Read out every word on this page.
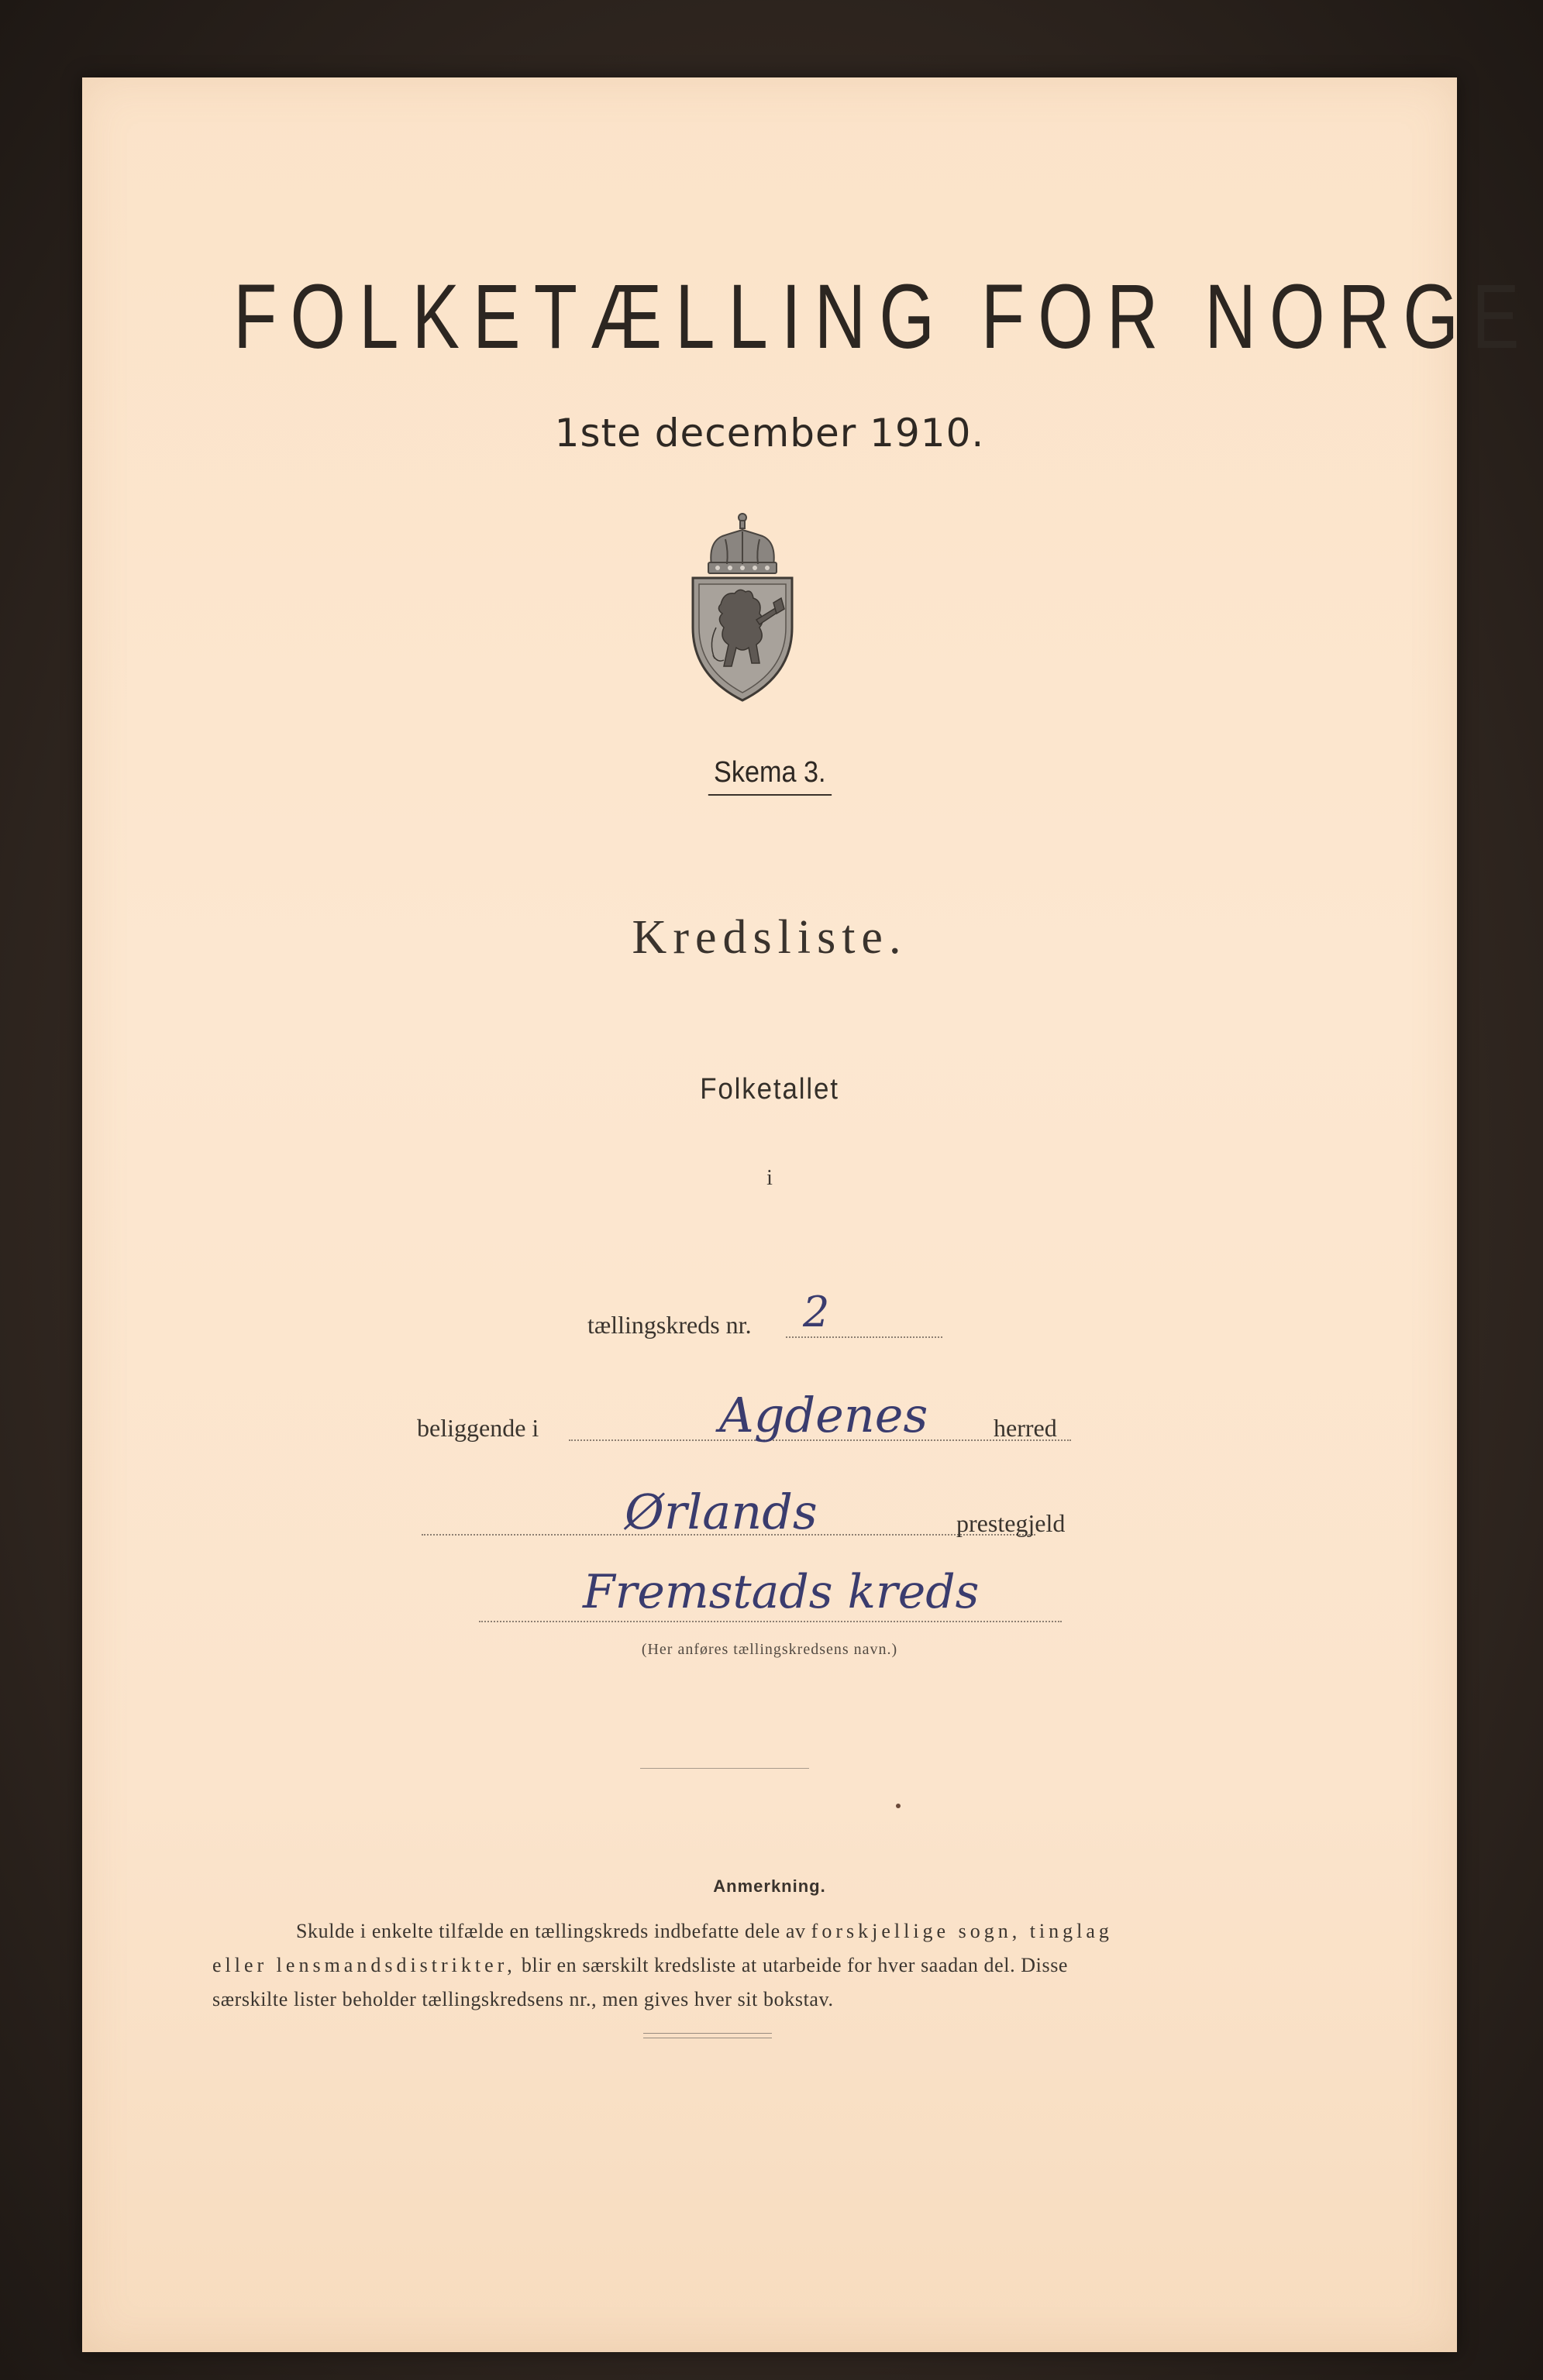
FOLKETÆLLING FOR NORGE
1ste december 1910.
Skema 3.
Kredsliste.
Folketallet
i
tællingskreds nr. 2
beliggende i	Agdenes	herred
Ørlands	prestegjeld
Fremstads kreds
(Her anføres tællingskredsens navn.)
Anmerkning.
Skulde i enkelte tilfælde en tællingskreds indbefatte dele av forskjellige sogn, tinglag
eller lensmandsdistrikter, blir en særskilt kredsliste at utarbeide for hver saadan del. Disse
særskilte lister beholder tællingskredsens nr., men gives hver sit bokstav.
